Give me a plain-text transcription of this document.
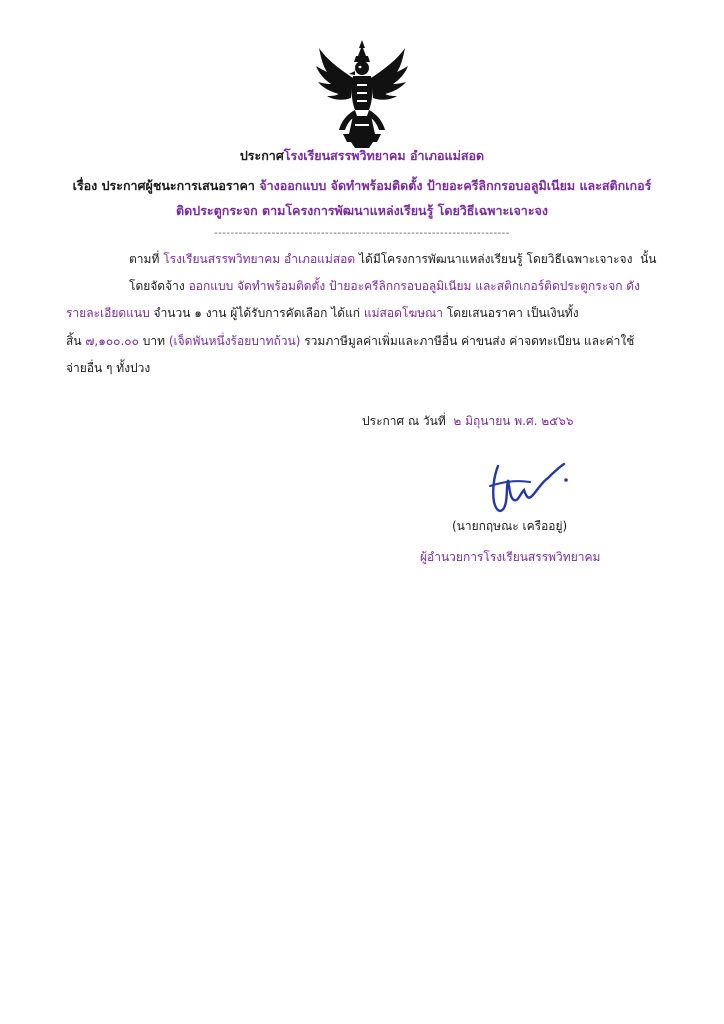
ประกาศโรงเรียนสรรพวิทยาคม อำเภอแม่สอด
เรื่อง ประกาศผู้ชนะการเสนอราคา จ้างออกแบบ จัดทำพร้อมติดตั้ง ป้ายอะครีลิกกรอบอลูมิเนียม และสติกเกอร์
ติดประตูกระจก ตามโครงการพัฒนาแหล่งเรียนรู้ โดยวิธีเฉพาะเจาะจง
------------------------------------------------------------------------
ตามที่ โรงเรียนสรรพวิทยาคม อำเภอแม่สอด ได้มีโครงการพัฒนาแหล่งเรียนรู้ โดยวิธีเฉพาะเจาะจง นั้น
โดยจัดจ้าง ออกแบบ จัดทำพร้อมติดตั้ง ป้ายอะครีลิกกรอบอลูมิเนียม และสติกเกอร์ติดประตูกระจก ดัง
รายละเอียดแนบ จำนวน ๑ งาน ผู้ได้รับการคัดเลือก ได้แก่ แม่สอดโฆษณา โดยเสนอราคา เป็นเงินทั้ง
สิ้น ๗,๑๐๐.๐๐ บาท (เจ็ดพันหนึ่งร้อยบาทถ้วน) รวมภาษีมูลค่าเพิ่มและภาษีอื่น ค่าขนส่ง ค่าจดทะเบียน และค่าใช้
จ่ายอื่น ๆ ทั้งปวง
ประกาศ ณ วันที่ ๒ มิถุนายน พ.ศ. ๒๕๖๖
(นายกฤษณะ เครืออยู่)
ผู้อำนวยการโรงเรียนสรรพวิทยาคม
